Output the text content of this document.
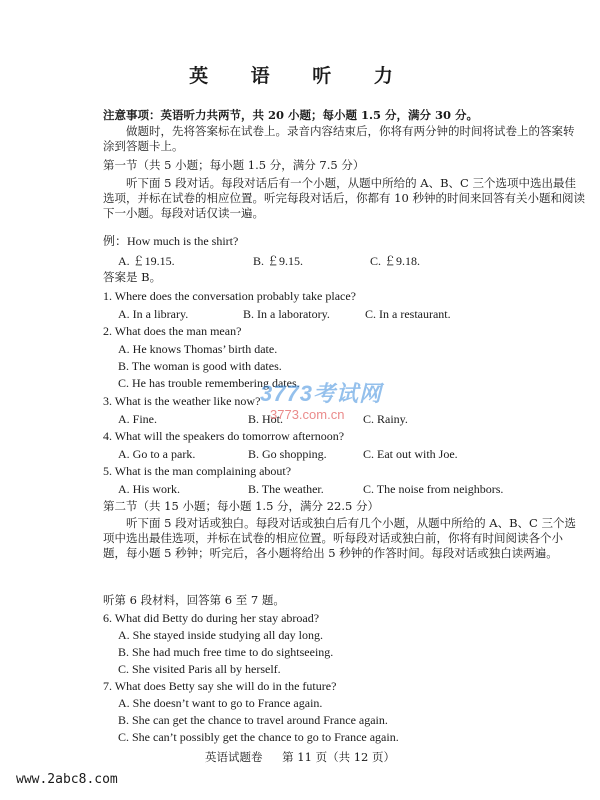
英 语 听 力
注意事项：英语听力共两节，共 20 小题；每小题 1.5 分，满分 30 分。
做题时，先将答案标在试卷上。录音内容结束后，你将有两分钟的时间将试卷上的答案转涂到答题卡上。
第一节（共 5 小题；每小题 1.5 分，满分 7.5 分）
听下面 5 段对话。每段对话后有一个小题，从题中所给的 A、B、C 三个选项中选出最佳选项，并标在试卷的相应位置。听完每段对话后，你都有 10 秒钟的时间来回答有关小题和阅读下一小题。每段对话仅读一遍。
例：How much is the shirt?
A. ￡19.15.	B. ￡9.15.	C. ￡9.18.
答案是 B。
1. Where does the conversation probably take place?
A. In a library.	B. In a laboratory.	C. In a restaurant.
2. What does the man mean?
A. He knows Thomas’ birth date.
B. The woman is good with dates.
C. He has trouble remembering dates.
3. What is the weather like now?
A. Fine.	B. Hot.	C. Rainy.
4. What will the speakers do tomorrow afternoon?
A. Go to a park.	B. Go shopping.	C. Eat out with Joe.
5. What is the man complaining about?
A. His work.	B. The weather.	C. The noise from neighbors.
第二节（共 15 小题；每小题 1.5 分，满分 22.5 分）
听下面 5 段对话或独白。每段对话或独白后有几个小题，从题中所给的 A、B、C 三个选项中选出最佳选项，并标在试卷的相应位置。听每段对话或独白前，你将有时间阅读各个小题，每小题 5 秒钟；听完后，各小题将给出 5 秒钟的作答时间。每段对话或独白读两遍。
听第 6 段材料，回答第 6 至 7 题。
6. What did Betty do during her stay abroad?
A. She stayed inside studying all day long.
B. She had much free time to do sightseeing.
C. She visited Paris all by herself.
7. What does Betty say she will do in the future?
A. She doesn’t want to go to France again.
B. She can get the chance to travel around France again.
C. She can’t possibly get the chance to go to France again.
英语试题卷 第 11 页（共 12 页）
www.2abc8.com
3773考试网
3773.com.cn
